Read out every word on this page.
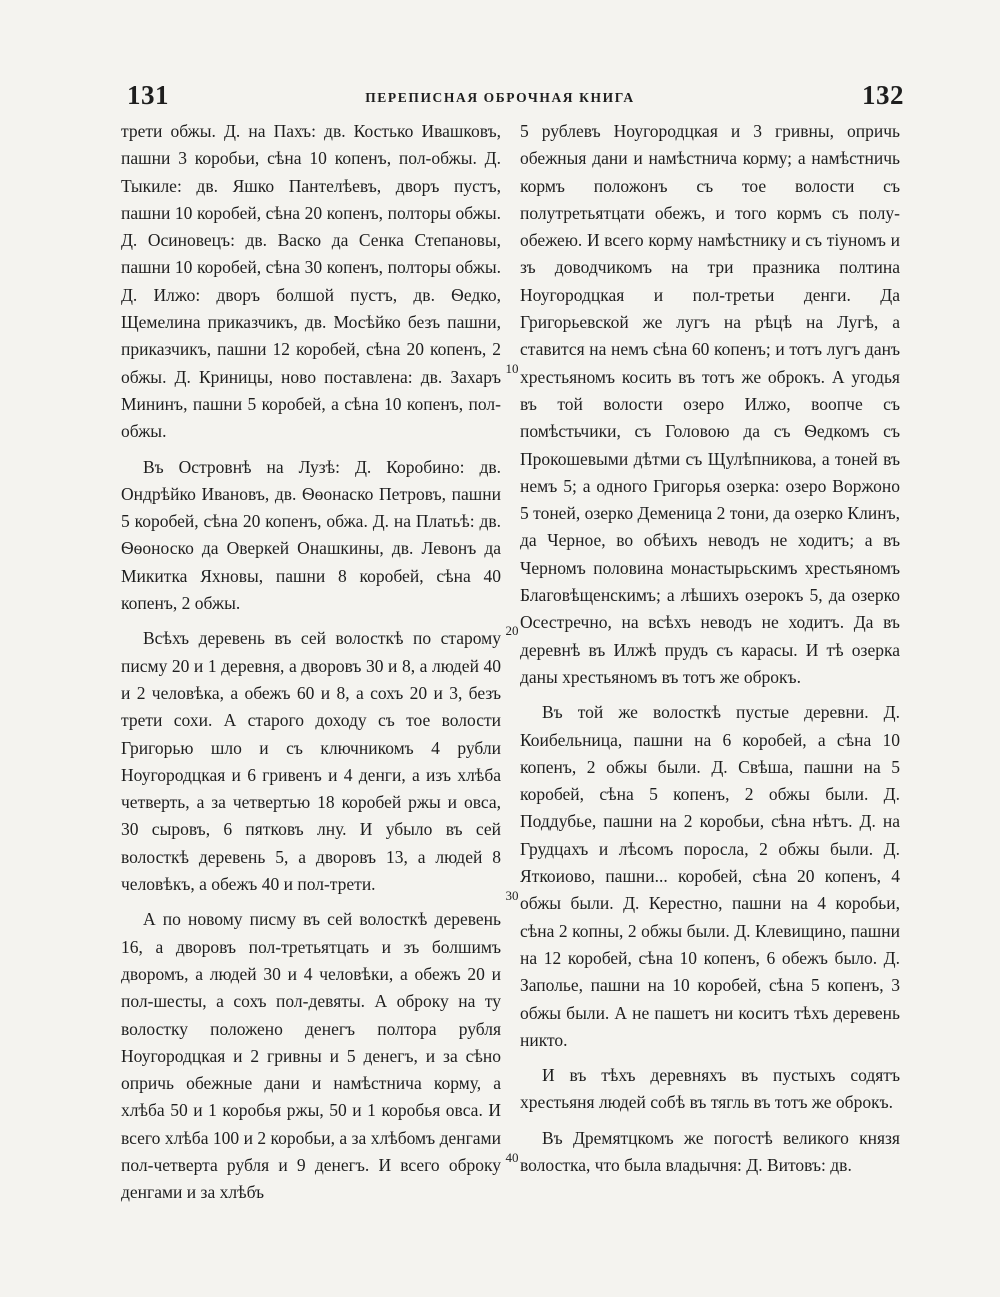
131	ПЕРЕПИСНАЯ ОБРОЧНАЯ КНИГА	132

трети обжы. Д. на Пахъ: дв. Костько Ивашковъ, пашни 3 коробьи, сѣна 10 копенъ, пол-обжы. Д. Тыкиле: дв. Яшко Пантелѣевъ, дворъ пустъ, пашни 10 коробей, сѣна 20 копенъ, полторы обжы. Д. Осиновецъ: дв. Васко да Сенка Степановы, пашни 10 коробей, сѣна 30 копенъ, полторы обжы. Д. Илжо: дворъ болшой пустъ, дв. Ѳедко, Щемелина приказчикъ, дв. Мосѣйко безъ пашни, приказчикъ, пашни 12 коробей, сѣна 20 копенъ, 2 обжы. Д. Криницы, ново поставлена: дв. Захаръ Мининъ, пашни 5 коробей, а сѣна 10 копенъ, пол-обжы.

Въ Островнѣ на Лузѣ: Д. Коробино: дв. Ондрѣйко Ивановъ, дв. Ѳѳонаско Петровъ, пашни 5 коробей, сѣна 20 копенъ, обжа. Д. на Платьѣ: дв. Ѳѳоноско да Оверкей Онашкины, дв. Левонъ да Микитка Яхновы, пашни 8 коробей, сѣна 40 копенъ, 2 обжы.

Всѣхъ деревень въ сей волосткѣ по старому писму 20 и 1 деревня, а дворовъ 30 и 8, а людей 40 и 2 человѣка, а обежъ 60 и 8, а сохъ 20 и 3, безъ трети сохи. А старого доходу съ тое волости Григорью шло и съ ключникомъ 4 рубли Ноугородцкая и 6 гривенъ и 4 денги, а изъ хлѣба четверть, а за четвертью 18 коробей ржы и овса, 30 сыровъ, 6 пятковъ лну. И убыло въ сей волосткѣ деревень 5, а дворовъ 13, а людей 8 человѣкъ, а обежъ 40 и пол-трети.

А по новому писму въ сей волосткѣ деревень 16, а дворовъ пол-третьятцать и зъ болшимъ дворомъ, а людей 30 и 4 человѣки, а обежъ 20 и пол-шесты, а сохъ пол-девяты. А оброку на ту волостку положено денегъ полтора рубля Ноугородцкая и 2 гривны и 5 денегъ, и за сѣно опричь обежные дани и намѣстнича корму, а хлѣба 50 и 1 коробья ржы, 50 и 1 коробья овса. И всего хлѣба 100 и 2 коробьи, а за хлѣбомъ денгами пол-четверта рубля и 9 денегъ. И всего оброку денгами и за хлѣбъ

10
20
30
40

5 рублевъ Ноугородцкая и 3 гривны, опричь обежныя дани и намѣстнича корму; а намѣстничь кормъ положонъ съ тое волости съ полутретьятцати обежъ, и того кормъ съ полу-обежею. И всего корму намѣстнику и съ тіуномъ и зъ доводчикомъ на три празника полтина Ноугородцкая и пол-третьи денги. Да Григорьевской же лугъ на рѣцѣ на Лугѣ, а ставится на немъ сѣна 60 копенъ; и тотъ лугъ данъ хрестьяномъ косить въ тотъ же оброкъ. А угодья въ той волости озеро Илжо, воопче съ помѣстьчики, съ Головою да съ Ѳедкомъ съ Прокошевыми дѣтми съ Щулѣпникова, а тоней въ немъ 5; а одного Григорья озерка: озеро Воржоно 5 тоней, озерко Деменица 2 тони, да озерко Клинъ, да Черное, во обѣихъ неводъ не ходитъ; а въ Черномъ половина монастырьскимъ хрестьяномъ Благовѣщенскимъ; а лѣшихъ озерокъ 5, да озерко Осестречно, на всѣхъ неводъ не ходитъ. Да въ деревнѣ въ Илжѣ прудъ съ карасы. И тѣ озерка даны хрестьяномъ въ тотъ же оброкъ.

Въ той же волосткѣ пустые деревни. Д. Коибельница, пашни на 6 коробей, а сѣна 10 копенъ, 2 обжы были. Д. Свѣша, пашни на 5 коробей, сѣна 5 копенъ, 2 обжы были. Д. Поддубье, пашни на 2 коробьи, сѣна нѣтъ. Д. на Грудцахъ и лѣсомъ поросла, 2 обжы были. Д. Яткоиово, пашни... коробей, сѣна 20 копенъ, 4 обжы были. Д. Керестно, пашни на 4 коробьи, сѣна 2 копны, 2 обжы были. Д. Клевищино, пашни на 12 коробей, сѣна 10 копенъ, 6 обежъ было. Д. Заполье, пашни на 10 коробей, сѣна 5 копенъ, 3 обжы были. А не пашетъ ни коситъ тѣхъ деревень никто.

И въ тѣхъ деревняхъ въ пустыхъ содятъ хрестьяня людей собѣ въ тягль въ тотъ же оброкъ.

Въ Дремятцкомъ же погостѣ великого князя волостка, что была владычня: Д. Витовъ: дв.
